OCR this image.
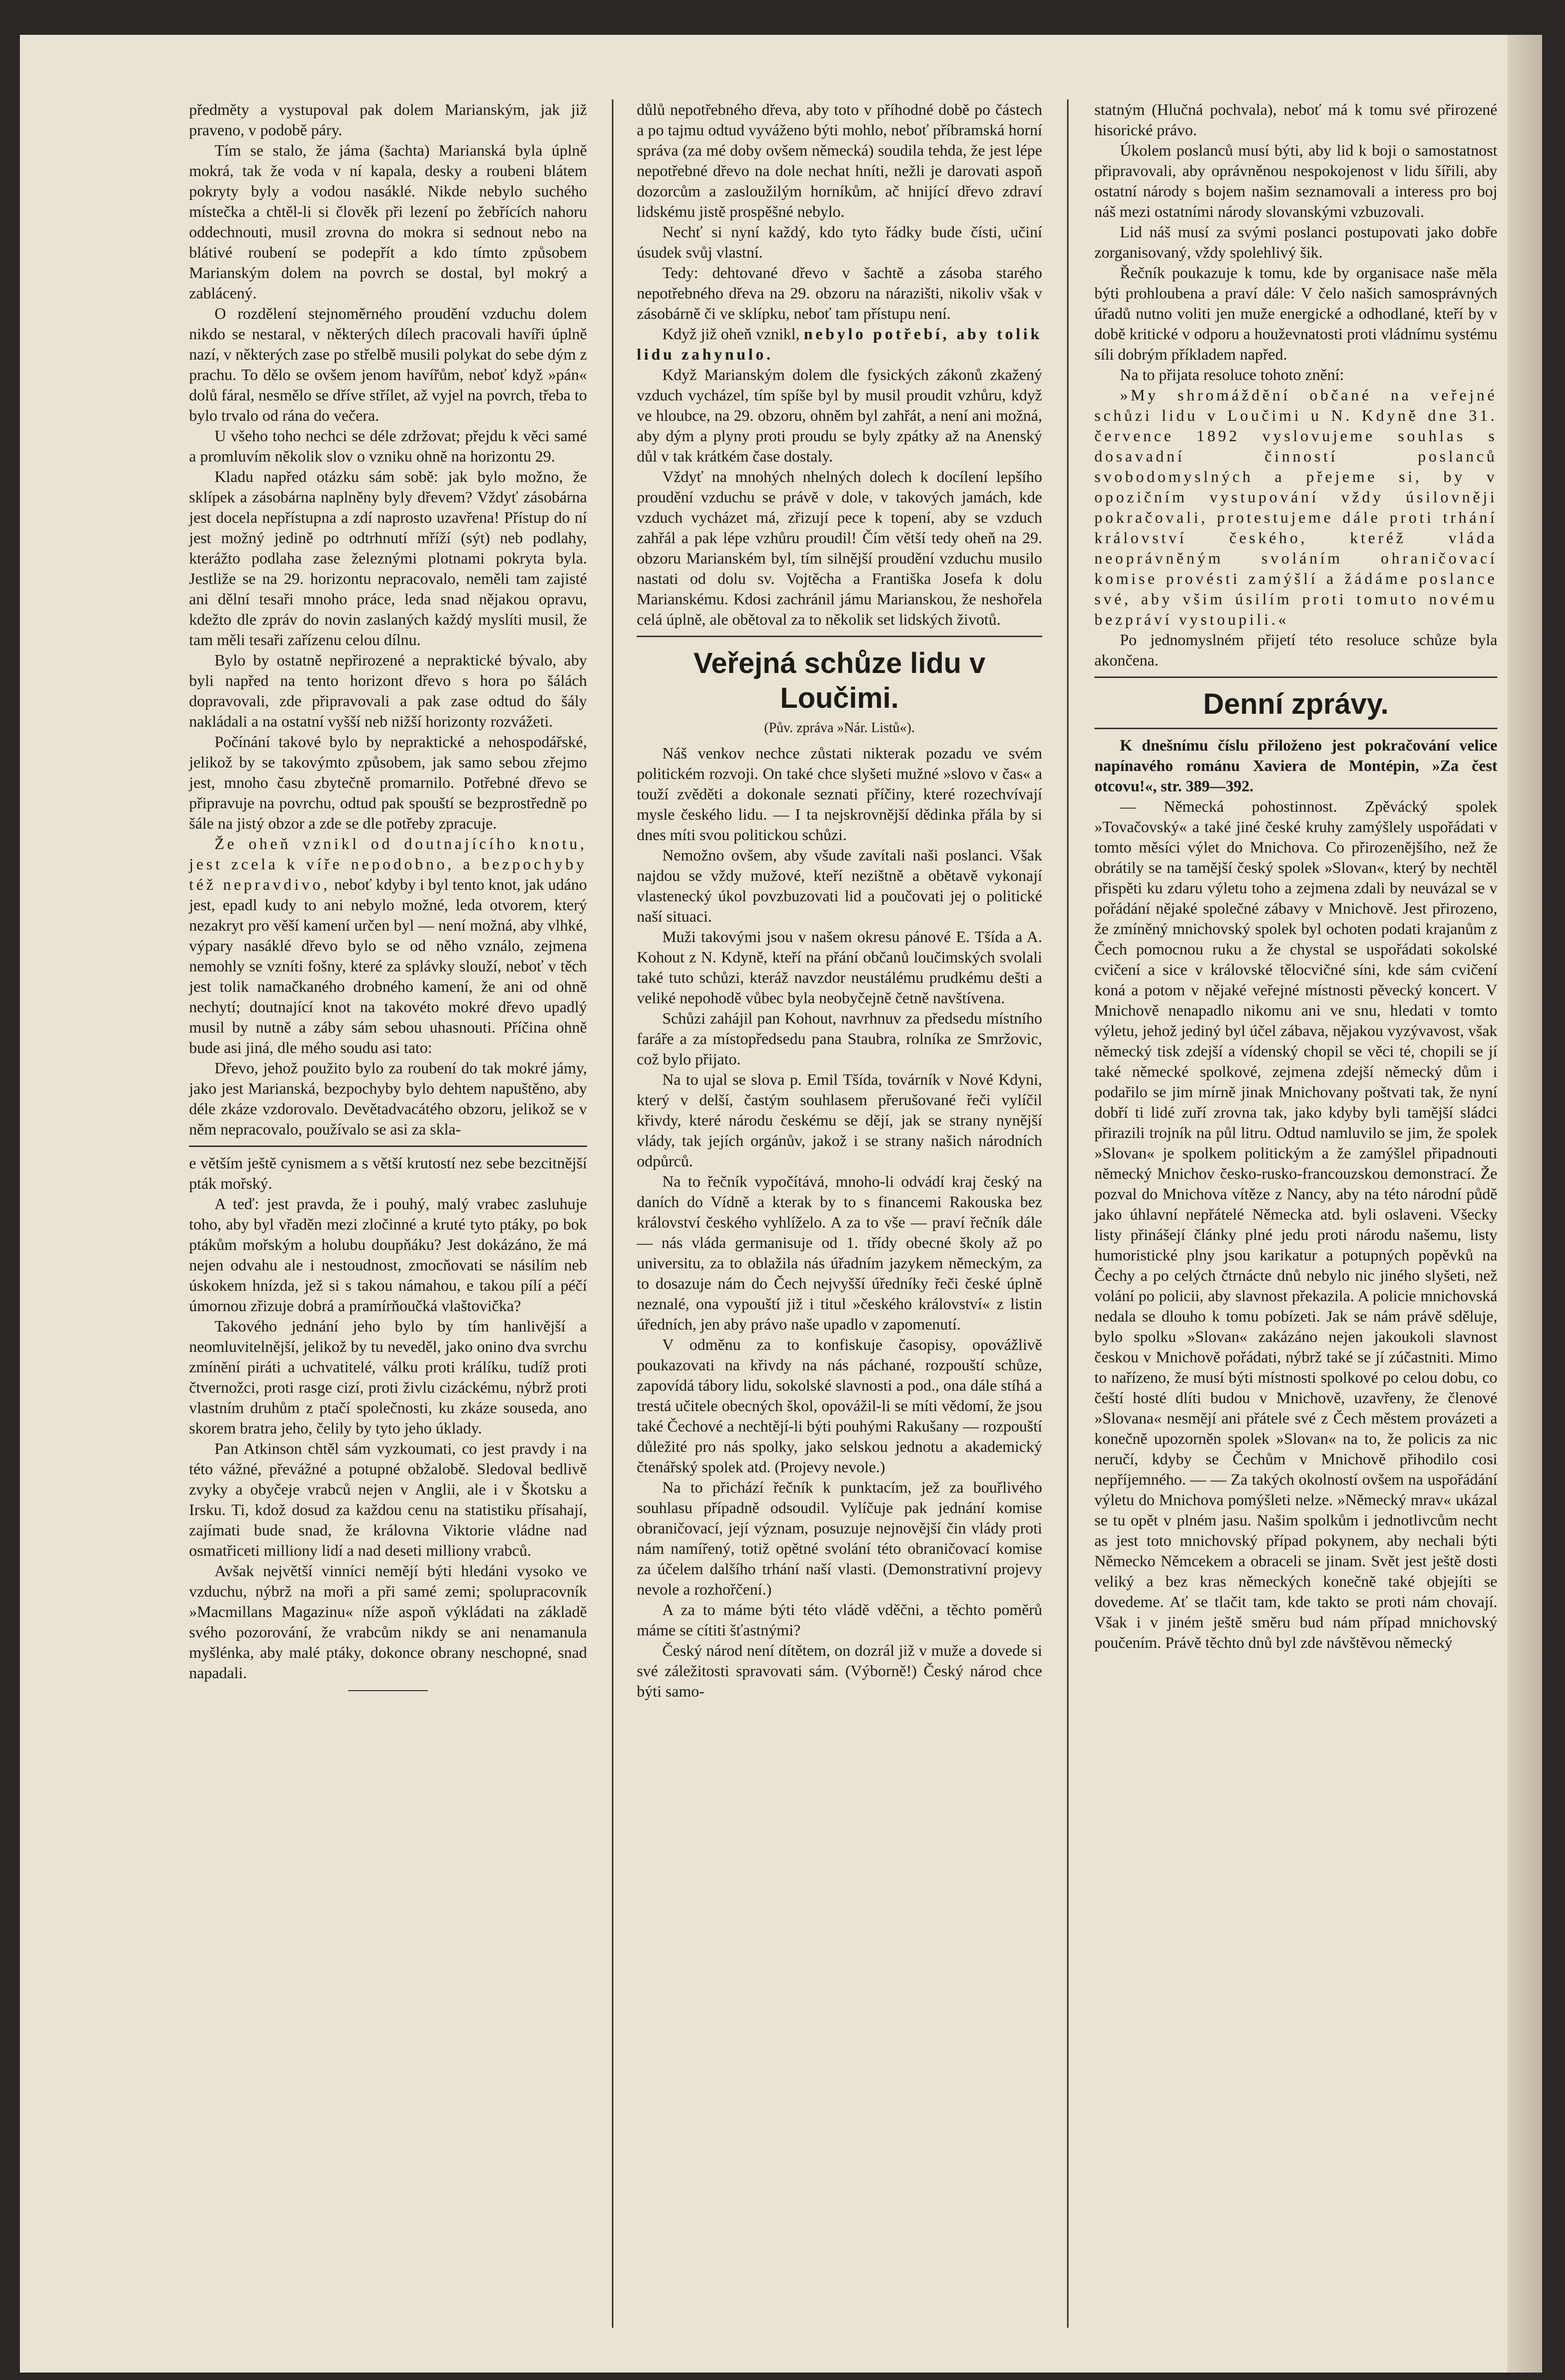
předměty a vystupoval pak dolem Marianským, jak již praveno, v podobě páry.

Tím se stalo, že jáma (šachta) Marianská byla úplně mokrá, tak že voda v ní kapala, desky a roubeni blátem pokryty byly a vodou nasáklé. Nikde nebylo suchého místečka a chtěl-li si člověk při lezení po žebřících nahoru oddechnouti, musil zrovna do mokra si sednout nebo na blátivé roubení se podepřít a kdo tímto způsobem Marianským dolem na povrch se dostal, byl mokrý a zablácený.

O rozdělení stejnoměrného proudění vzduchu dolem nikdo se nestaral, v některých dílech pracovali havíři úplně nazí, v některých zase po střelbě musili polykat do sebe dým z prachu. To dělo se ovšem jenom havířům, neboť když »pán« dolů fáral, nesmělo se dříve střílet, až vyjel na povrch, třeba to bylo trvalo od rána do večera.

U všeho toho nechci se déle zdržovat; přejdu k věci samé a promluvím několik slov o vzniku ohně na horizontu 29.

Kladu napřed otázku sám sobě: jak bylo možno, že sklípek a zásobárna naplněny byly dřevem? Vždyť zásobárna jest docela nepřístupna a zdí naprosto uzavřena! Přístup do ní jest možný jedině po odtrhnutí mříží (sýt) neb podlahy, kterážto podlaha zase železnými plotnami pokryta byla. Jestliže se na 29. horizontu nepracovalo, neměli tam zajisté ani dělní tesaři mnoho práce, leda snad nějakou opravu, kdežto dle zpráv do novin zaslaných každý myslíti musil, že tam měli tesaři zařízenu celou dílnu.

Bylo by ostatně nepřirozené a nepraktické bývalo, aby byli napřed na tento horizont dřevo s hora po šálách dopravovali, zde připravovali a pak zase odtud do šály nakládali a na ostatní vyšší neb nižší horizonty rozvážeti.

Počínání takové bylo by nepraktické a nehospodářské, jelikož by se takovýmto způsobem, jak samo sebou zřejmo jest, mnoho času zbytečně promarnilo. Potřebné dřevo se připravuje na povrchu, odtud pak spouští se bezprostředně po šále na jistý obzor a zde se dle potřeby zpracuje.

Že oheň vznikl od doutnajícího knotu, jest zcela k víře nepodobno, a bezpochyby též nepravdivo, neboť kdyby i byl tento knot, jak udáno jest, epadl kudy to ani nebylo možné, leda otvorem, který nezakryt pro věší kamení určen byl — není možná, aby vlhké, výpary nasáklé dřevo bylo se od něho vználo, zejmena nemohly se vzníti fošny, které za splávky slouží, neboť v těch jest tolik namačkaného drobného kamení, že ani od ohně nechytí; doutnající knot na takovéto mokré dřevo upadlý musil by nutně a záby sám sebou uhasnouti. Příčina ohně bude asi jiná, dle mého soudu asi tato:

Dřevo, jehož použito bylo za roubení do tak mokré jámy, jako jest Marianská, bezpochyby bylo dehtem napuštěno, aby déle zkáze vzdorovalo. Devětadvacátého obzoru, jelikož se v něm nepracovalo, používalo se asi za skla-

e větším ještě cynismem a s větší krutostí nez sebe bezcitnější pták mořský.

A teď: jest pravda, že i pouhý, malý vrabec zasluhuje toho, aby byl vřaděn mezi zločinné a kruté tyto ptáky, po bok ptákům mořským a holubu doupňáku? Jest dokázáno, že má nejen odvahu ale i nestoudnost, zmocňovati se násilím neb úskokem hnízda, jež si s takou námahou, e takou pílí a péčí úmornou zřizuje dobrá a pramírňoučká vlaštovička?

Takového jednání jeho bylo by tím hanlivější a neomluvitelnější, jelikož by tu neveděl, jako onino dva svrchu zmínění piráti a uchvatitelé, válku proti králíku, tudíž proti čtvernožci, proti rasge cizí, proti živlu cizáckému, nýbrž proti vlastním druhům z ptačí společnosti, ku zkáze souseda, ano skorem bratra jeho, čelily by tyto jeho úklady.

Pan Atkinson chtěl sám vyzkoumati, co jest pravdy i na této vážné, převážné a potupné obžalobě. Sledoval bedlivě zvyky a obyčeje vrabců nejen v Anglii, ale i v Škotsku a Irsku. Ti, kdož dosud za každou cenu na statistiku přísahají, zajímati bude snad, že královna Viktorie vládne nad osmatřiceti milliony lidí a nad deseti milliony vrabců.

Avšak největší vinníci nemějí býti hledáni vysoko ve vzduchu, nýbrž na moři a při samé zemi; spolupracovník »Macmillans Magazinu« níže aspoň výkládati na základě svého pozorování, že vrabcům nikdy se ani nenamanula myšlénka, aby malé ptáky, dokonce obrany neschopné, snad napadali.

důlů nepotřebného dřeva, aby toto v příhodné době po částech a po tajmu odtud vyváženo býti mohlo, neboť příbramská horní správa (za mé doby ovšem německá) soudila tehda, že jest lépe nepotřebné dřevo na dole nechat hníti, nežli je darovati aspoň dozorcům a zasloužilým horníkům, ač hnijící dřevo zdraví lidskému jistě prospěšné nebylo.

Nechť si nyní každý, kdo tyto řádky bude čísti, učiní úsudek svůj vlastní.

Tedy: dehtované dřevo v šachtě a zásoba starého nepotřebného dřeva na 29. obzoru na nárazišti, nikoliv však v zásobárně či ve sklípku, neboť tam přístupu není.

Když již oheň vznikl, nebylo potřebí, aby tolik lidu zahynulo.

Když Marianským dolem dle fysických zákonů zkažený vzduch vycházel, tím spíše byl by musil proudit vzhůru, když ve hloubce, na 29. obzoru, ohněm byl zahřát, a není ani možná, aby dým a plyny proti proudu se byly zpátky až na Anenský důl v tak krátkém čase dostaly.

Vždyť na mnohých nhelných dolech k docílení lepšího proudění vzduchu se právě v dole, v takových jamách, kde vzduch vycházet má, zřizují pece k topení, aby se vzduch zahřál a pak lépe vzhůru proudil! Čím větší tedy oheň na 29. obzoru Marianském byl, tím silnější proudění vzduchu musilo nastati od dolu sv. Vojtěcha a Františka Josefa k dolu Marianskému. Kdosi zachránil jámu Marianskou, že neshořela celá úplně, ale obětoval za to několik set lidských životů.

Veřejná schůze lidu v Loučimi.
(Pův. zpráva »Nár. Listů«).

Náš venkov nechce zůstati nikterak pozadu ve svém politickém rozvoji. On také chce slyšeti mužné »slovo v čas« a touží zvěděti a dokonale seznati příčiny, které rozechvívají mysle českého lidu. — I ta nejskrovnější dědinka přála by si dnes míti svou politickou schůzi.

Nemožno ovšem, aby všude zavítali naši poslanci. Však najdou se vždy mužové, kteří nezištně a obětavě vykonají vlastenecký úkol povzbuzovati lid a poučovati jej o politické naší situaci.

Muži takovými jsou v našem okresu pánové E. Tšída a A. Kohout z N. Kdyně, kteří na přání občanů loučimských svolali také tuto schůzi, kteráž navzdor neustálému prudkému dešti a veliké nepohodě vůbec byla neobyčejně četně navštívena.

Schůzi zahájil pan Kohout, navrhnuv za předsedu místního faráře a za místopředsedu pana Staubra, rolníka ze Smržovic, což bylo přijato.

Na to ujal se slova p. Emil Tšída, továrník v Nové Kdyni, který v delší, častým souhlasem přerušované řeči vylíčil křivdy, které národu českému se dějí, jak se strany nynější vlády, tak jejích orgánův, jakož i se strany našich národních odpůrců.

Na to řečník vypočítává, mnoho-li odvádí kraj český na daních do Vídně a kterak by to s financemi Rakouska bez království českého vyhlíželo. A za to vše — praví řečník dále — nás vláda germanisuje od 1. třídy obecné školy až po universitu, za to oblažila nás úřadním jazykem německým, za to dosazuje nám do Čech nejvyšší úředníky řeči české úplně neznalé, ona vypouští již i titul »českého království« z listin úředních, jen aby právo naše upadlo v zapomenutí.

V odměnu za to konfiskuje časopisy, opovážlivě poukazovati na křivdy na nás páchané, rozpouští schůze, zapovídá tábory lidu, sokolské slavnosti a pod., ona dále stíhá a trestá učitele obecných škol, opovážil-li se míti vědomí, že jsou také Čechové a nechtějí-li býti pouhými Rakušany — rozpouští důležité pro nás spolky, jako selskou jednotu a akademický čtenářský spolek atd. (Projevy nevole.)

Na to přichází řečník k punktacím, jež za bouřlivého souhlasu případně odsoudil. Vylíčuje pak jednání komise obraničovací, její význam, posuzuje nejnovější čin vlády proti nám namířený, totiž opětné svolání této obraničovací komise za účelem dalšího trhání naší vlasti. (Demonstrativní projevy nevole a rozhořčení.)

A za to máme býti této vládě vděčni, a těchto poměrů máme se cítiti šťastnými?

Český národ není dítětem, on dozrál již v muže a dovede si své záležitosti spravovati sám. (Výborně!) Český národ chce býti samo-

statným (Hlučná pochvala), neboť má k tomu své přirozené hisorické právo.

Úkolem poslanců musí býti, aby lid k boji o samostatnost připravovali, aby oprávněnou nespokojenost v lidu šířili, aby ostatní národy s bojem našim seznamovali a interess pro boj náš mezi ostatními národy slovanskými vzbuzovali.

Lid náš musí za svými poslanci postupovati jako dobře zorganisovaný, vždy spolehlivý šik.

Řečník poukazuje k tomu, kde by organisace naše měla býti prohloubena a praví dále: V čelo našich samosprávných úřadů nutno voliti jen muže energické a odhodlané, kteří by v době kritické v odporu a houževnatosti proti vládnímu systému síli dobrým příkladem napřed.

Na to přijata resoluce tohoto znění:

»My shromáždění občané na veřejné schůzi lidu v Loučimi u N. Kdyně dne 31. července 1892 vyslovujeme souhlas s dosavadní činností poslanců svobodomyslných a přejeme si, by v opozičním vystupování vždy úsilovněji pokračovali, protestujeme dále proti trhání království českého, kteréž vláda neoprávněným svoláním ohraničovací komise provésti zamýšlí a žádáme poslance své, aby všim úsilím proti tomuto novému bezpráví vystoupili.«

Po jednomyslném přijetí této resoluce schůze byla akončena.

Denní zprávy.

K dnešnímu číslu přiloženo jest pokračování velice napínavého románu Xaviera de Montépin, »Za čest otcovu!«, str. 389—392.

— Německá pohostinnost. Zpěvácký spolek »Tovačovský« a také jiné české kruhy zamýšlely uspořádati v tomto měsíci výlet do Mnichova. Co přirozenějšího, než že obrátily se na tamější český spolek »Slovan«, který by nechtěl přispěti ku zdaru výletu toho a zejmena zdali by neuvázal se v pořádání nějaké společné zábavy v Mnichově. Jest přirozeno, že zmíněný mnichovský spolek byl ochoten podati krajanům z Čech pomocnou ruku a že chystal se uspořádati sokolské cvičení a sice v královské tělocvičné síni, kde sám cvičení koná a potom v nějaké veřejné místnosti pěvecký koncert. V Mnichově nenapadlo nikomu ani ve snu, hledati v tomto výletu, jehož jediný byl účel zábava, nějakou vyzývavost, však německý tisk zdejší a vídenský chopil se věci té, chopili se jí také německé spolkové, zejmena zdejší německý dům i podařilo se jim mírně jinak Mnichovany poštvati tak, že nyní dobří ti lidé zuří zrovna tak, jako kdyby byli tamější sládci přirazili trojník na půl litru. Odtud namluvilo se jim, že spolek »Slovan« je spolkem politickým a že zamýšlel připadnouti německý Mnichov česko-rusko-francouzskou demonstrací. Že pozval do Mnichova vítěze z Nancy, aby na této národní půdě jako úhlavní nepřátelé Německa atd. byli oslaveni. Všecky listy přinášejí články plné jedu proti národu našemu, listy humoristické plny jsou karikatur a potupných popěvků na Čechy a po celých čtrnácte dnů nebylo nic jiného slyšeti, než volání po policii, aby slavnost překazila. A policie mnichovská nedala se dlouho k tomu pobízeti. Jak se nám právě sděluje, bylo spolku »Slovan« zakázáno nejen jakoukoli slavnost českou v Mnichově pořádati, nýbrž také se jí zúčastniti. Mimo to nařízeno, že musí býti místnosti spolkové po celou dobu, co čeští hosté dlíti budou v Mnichově, uzavřeny, že členové »Slovana« nesmějí ani přátele své z Čech městem provázeti a konečně upozorněn spolek »Slovan« na to, že policis za nic neručí, kdyby se Čechům v Mnichově přihodilo cosi nepříjemného. — — Za takých okolností ovšem na uspořádání výletu do Mnichova pomýšleti nelze. »Německý mrav« ukázal se tu opět v plném jasu. Našim spolkům i jednotlivcům necht as jest toto mnichovský případ pokynem, aby nechali býti Německo Němcekem a obraceli se jinam. Svět jest ještě dosti veliký a bez kras německých konečně také objejíti se dovedeme. Ať se tlačit tam, kde takto se proti nám chovají. Však i v jiném ještě směru bud nám případ mnichovský poučením. Právě těchto dnů byl zde návštěvou německý
